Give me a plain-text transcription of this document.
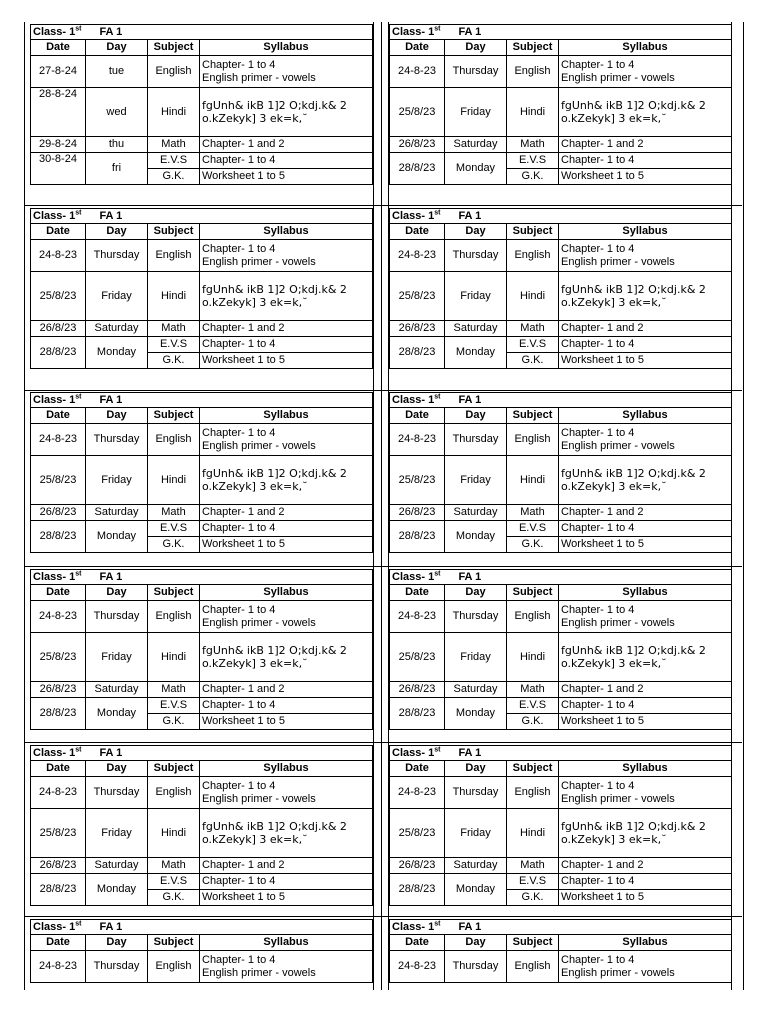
Class- 1st FA 1			
Date	Day	Subject	Syllabus
27-8-24	tue	English	Chapter- 1 to 4
English primer - vowels

28-8-24	wed	Hindi	fgUnh& ikB 1]2 O;kdj.k& 2 o.kZekyk] 3 ek=k,˘
29-8-24	thu	Math	Chapter- 1 and 2
30-8-24	fri	E.V.S	Chapter- 1 to 4
		G.K.	Worksheet 1 to 5
Class- 1st FA 1			
Date	Day	Subject	Syllabus
24-8-23	Thursday	English	Chapter- 1 to 4
English primer - vowels

25/8/23	Friday	Hindi	fgUnh& ikB 1]2 O;kdj.k& 2 o.kZekyk] 3 ek=k,˘
26/8/23	Saturday	Math	Chapter- 1 and 2
28/8/23	Monday	E.V.S	Chapter- 1 to 4
		G.K.	Worksheet 1 to 5
Class- 1st FA 1			
Date	Day	Subject	Syllabus
24-8-23	Thursday	English	Chapter- 1 to 4
English primer - vowels

25/8/23	Friday	Hindi	fgUnh& ikB 1]2 O;kdj.k& 2 o.kZekyk] 3 ek=k,˘
26/8/23	Saturday	Math	Chapter- 1 and 2
28/8/23	Monday	E.V.S	Chapter- 1 to 4
		G.K.	Worksheet 1 to 5
Class- 1st FA 1			
Date	Day	Subject	Syllabus
24-8-23	Thursday	English	Chapter- 1 to 4
English primer - vowels

25/8/23	Friday	Hindi	fgUnh& ikB 1]2 O;kdj.k& 2 o.kZekyk] 3 ek=k,˘
26/8/23	Saturday	Math	Chapter- 1 and 2
28/8/23	Monday	E.V.S	Chapter- 1 to 4
		G.K.	Worksheet 1 to 5
Class- 1st FA 1			
Date	Day	Subject	Syllabus
24-8-23	Thursday	English	Chapter- 1 to 4
English primer - vowels

25/8/23	Friday	Hindi	fgUnh& ikB 1]2 O;kdj.k& 2 o.kZekyk] 3 ek=k,˘
26/8/23	Saturday	Math	Chapter- 1 and 2
28/8/23	Monday	E.V.S	Chapter- 1 to 4
		G.K.	Worksheet 1 to 5
Class- 1st FA 1			
Date	Day	Subject	Syllabus
24-8-23	Thursday	English	Chapter- 1 to 4
English primer - vowels

25/8/23	Friday	Hindi	fgUnh& ikB 1]2 O;kdj.k& 2 o.kZekyk] 3 ek=k,˘
26/8/23	Saturday	Math	Chapter- 1 and 2
28/8/23	Monday	E.V.S	Chapter- 1 to 4
		G.K.	Worksheet 1 to 5
Class- 1st FA 1			
Date	Day	Subject	Syllabus
24-8-23	Thursday	English	Chapter- 1 to 4
English primer - vowels

25/8/23	Friday	Hindi	fgUnh& ikB 1]2 O;kdj.k& 2 o.kZekyk] 3 ek=k,˘
26/8/23	Saturday	Math	Chapter- 1 and 2
28/8/23	Monday	E.V.S	Chapter- 1 to 4
		G.K.	Worksheet 1 to 5
Class- 1st FA 1			
Date	Day	Subject	Syllabus
24-8-23	Thursday	English	Chapter- 1 to 4
English primer - vowels

25/8/23	Friday	Hindi	fgUnh& ikB 1]2 O;kdj.k& 2 o.kZekyk] 3 ek=k,˘
26/8/23	Saturday	Math	Chapter- 1 and 2
28/8/23	Monday	E.V.S	Chapter- 1 to 4
		G.K.	Worksheet 1 to 5
Class- 1st FA 1			
Date	Day	Subject	Syllabus
24-8-23	Thursday	English	Chapter- 1 to 4
English primer - vowels

25/8/23	Friday	Hindi	fgUnh& ikB 1]2 O;kdj.k& 2 o.kZekyk] 3 ek=k,˘
26/8/23	Saturday	Math	Chapter- 1 and 2
28/8/23	Monday	E.V.S	Chapter- 1 to 4
		G.K.	Worksheet 1 to 5
Class- 1st FA 1			
Date	Day	Subject	Syllabus
24-8-23	Thursday	English	Chapter- 1 to 4
English primer - vowels

25/8/23	Friday	Hindi	fgUnh& ikB 1]2 O;kdj.k& 2 o.kZekyk] 3 ek=k,˘
26/8/23	Saturday	Math	Chapter- 1 and 2
28/8/23	Monday	E.V.S	Chapter- 1 to 4
		G.K.	Worksheet 1 to 5
Class- 1st FA 1			
Date	Day	Subject	Syllabus
24-8-23	Thursday	English	Chapter- 1 to 4
English primer - vowels
Class- 1st FA 1			
Date	Day	Subject	Syllabus
24-8-23	Thursday	English	Chapter- 1 to 4
English primer - vowels
